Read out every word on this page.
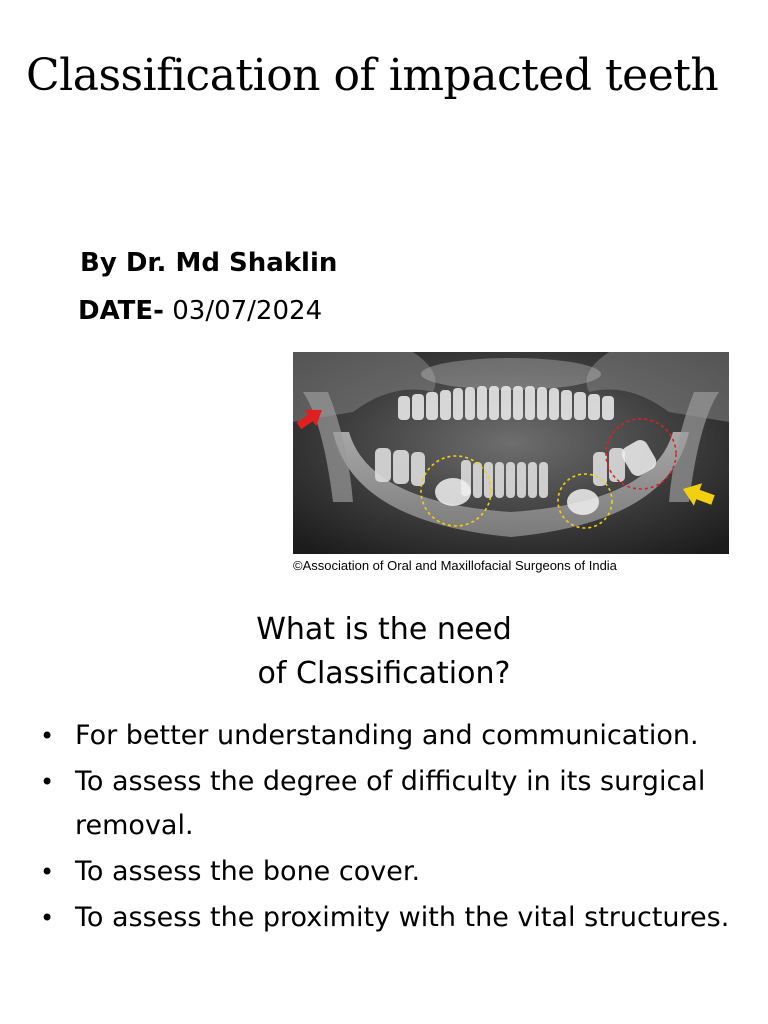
Classification of impacted teeth
By Dr. Md Shaklin
DATE- 03/07/2024
©Association of Oral and Maxillofacial Surgeons of India
What is the need
of Classification?
• For better understanding and communication.
• To assess the degree of difficulty in its surgical removal.
• To assess the bone cover.
• To assess the proximity with the vital structures.
